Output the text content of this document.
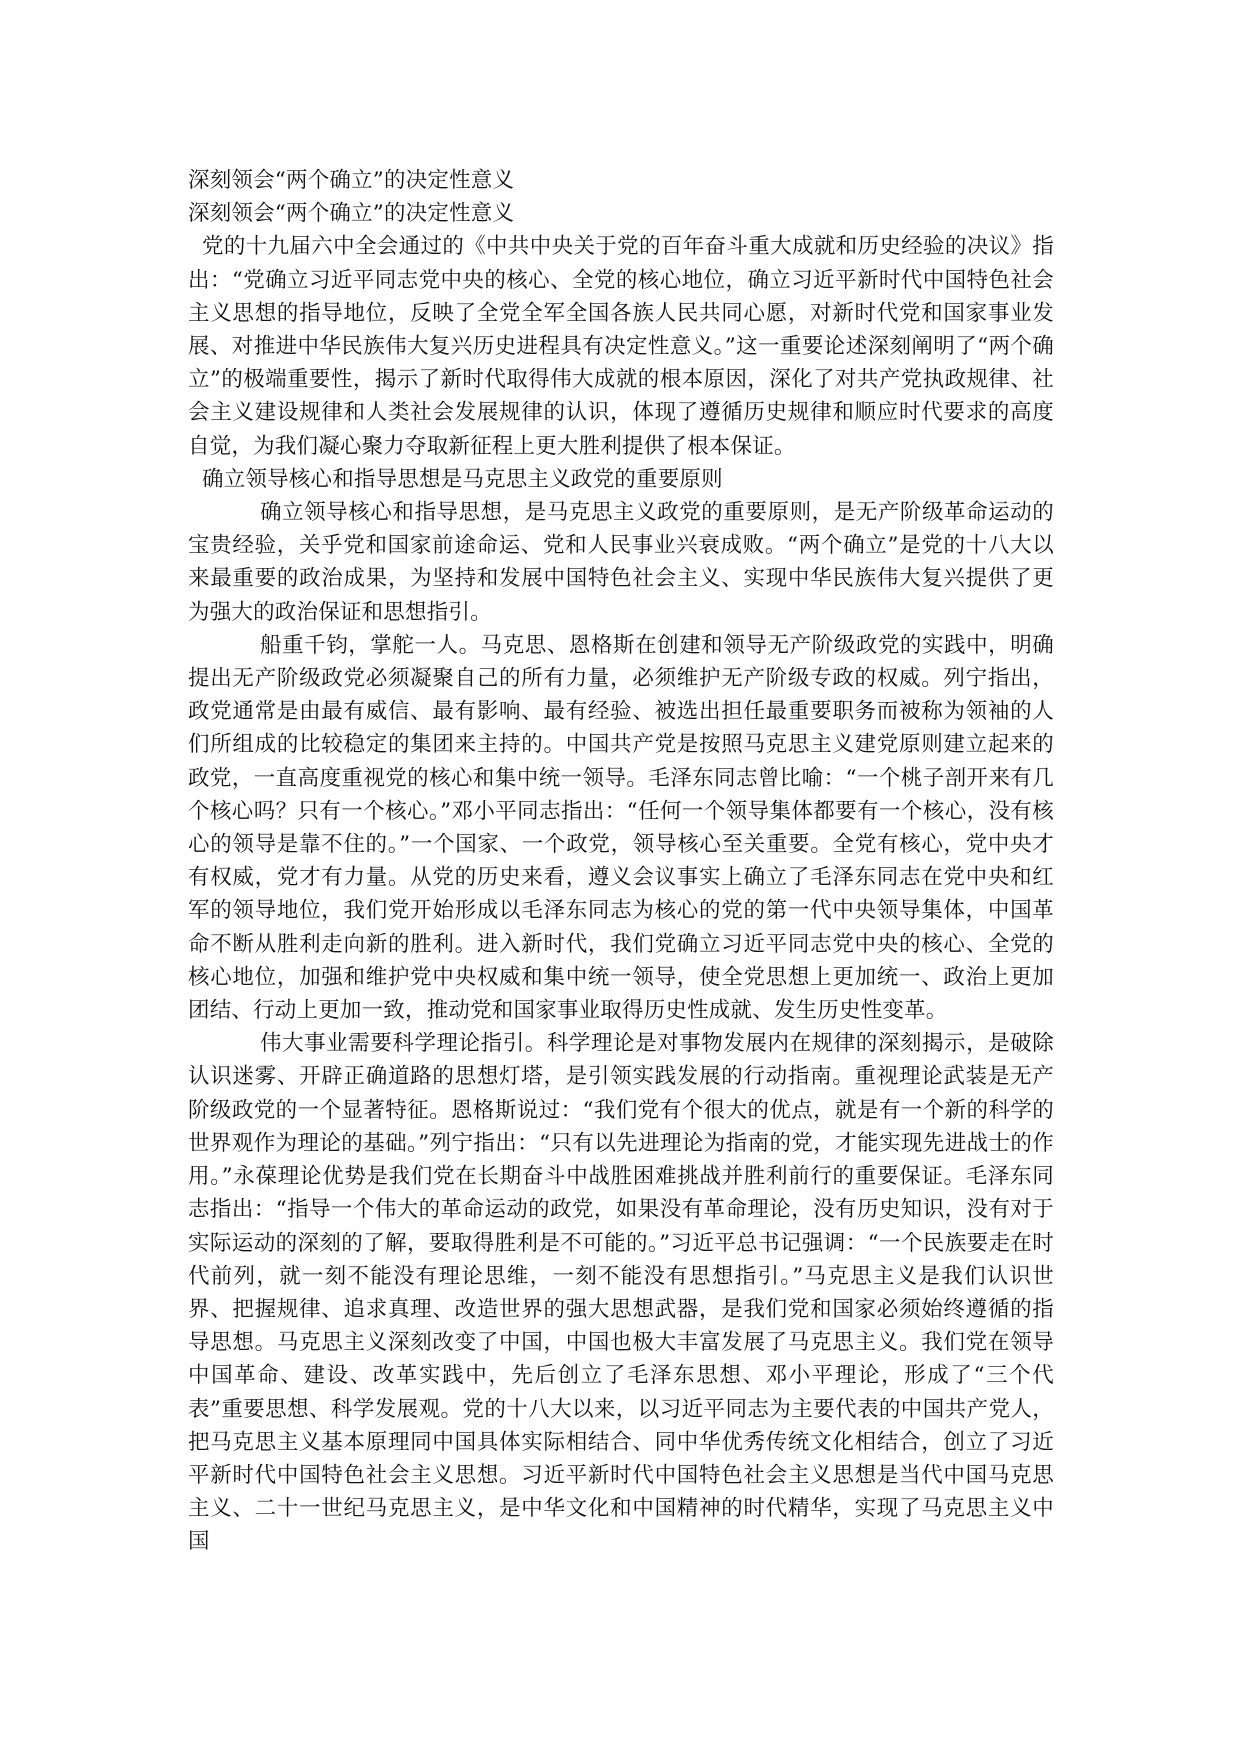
深刻领会“两个确立”的决定性意义

深刻领会“两个确立”的决定性意义

党的十九届六中全会通过的《中共中央关于党的百年奋斗重大成就和历史经验的决议》指出：“党确立习近平同志党中央的核心、全党的核心地位，确立习近平新时代中国特色社会主义思想的指导地位，反映了全党全军全国各族人民共同心愿，对新时代党和国家事业发展、对推进中华民族伟大复兴历史进程具有决定性意义。”这一重要论述深刻阐明了“两个确立”的极端重要性，揭示了新时代取得伟大成就的根本原因，深化了对共产党执政规律、社会主义建设规律和人类社会发展规律的认识，体现了遵循历史规律和顺应时代要求的高度自觉，为我们凝心聚力夺取新征程上更大胜利提供了根本保证。

确立领导核心和指导思想是马克思主义政党的重要原则

确立领导核心和指导思想，是马克思主义政党的重要原则，是无产阶级革命运动的宝贵经验，关乎党和国家前途命运、党和人民事业兴衰成败。“两个确立”是党的十八大以来最重要的政治成果，为坚持和发展中国特色社会主义、实现中华民族伟大复兴提供了更为强大的政治保证和思想指引。

船重千钧，掌舵一人。马克思、恩格斯在创建和领导无产阶级政党的实践中，明确提出无产阶级政党必须凝聚自己的所有力量，必须维护无产阶级专政的权威。列宁指出，政党通常是由最有威信、最有影响、最有经验、被选出担任最重要职务而被称为领袖的人们所组成的比较稳定的集团来主持的。中国共产党是按照马克思主义建党原则建立起来的政党，一直高度重视党的核心和集中统一领导。毛泽东同志曾比喻：“一个桃子剖开来有几个核心吗？只有一个核心。”邓小平同志指出：“任何一个领导集体都要有一个核心，没有核心的领导是靠不住的。”一个国家、一个政党，领导核心至关重要。全党有核心，党中央才有权威，党才有力量。从党的历史来看，遵义会议事实上确立了毛泽东同志在党中央和红军的领导地位，我们党开始形成以毛泽东同志为核心的党的第一代中央领导集体，中国革命不断从胜利走向新的胜利。进入新时代，我们党确立习近平同志党中央的核心、全党的核心地位，加强和维护党中央权威和集中统一领导，使全党思想上更加统一、政治上更加团结、行动上更加一致，推动党和国家事业取得历史性成就、发生历史性变革。

伟大事业需要科学理论指引。科学理论是对事物发展内在规律的深刻揭示，是破除认识迷雾、开辟正确道路的思想灯塔，是引领实践发展的行动指南。重视理论武装是无产阶级政党的一个显著特征。恩格斯说过：“我们党有个很大的优点，就是有一个新的科学的世界观作为理论的基础。”列宁指出：“只有以先进理论为指南的党，才能实现先进战士的作用。”永葆理论优势是我们党在长期奋斗中战胜困难挑战并胜利前行的重要保证。毛泽东同志指出：“指导一个伟大的革命运动的政党，如果没有革命理论，没有历史知识，没有对于实际运动的深刻的了解，要取得胜利是不可能的。”习近平总书记强调：“一个民族要走在时代前列，就一刻不能没有理论思维，一刻不能没有思想指引。”马克思主义是我们认识世界、把握规律、追求真理、改造世界的强大思想武器，是我们党和国家必须始终遵循的指导思想。马克思主义深刻改变了中国，中国也极大丰富发展了马克思主义。我们党在领导中国革命、建设、改革实践中，先后创立了毛泽东思想、邓小平理论，形成了“三个代表”重要思想、科学发展观。党的十八大以来，以习近平同志为主要代表的中国共产党人，把马克思主义基本原理同中国具体实际相结合、同中华优秀传统文化相结合，创立了习近平新时代中国特色社会主义思想。习近平新时代中国特色社会主义思想是当代中国马克思主义、二十一世纪马克思主义，是中华文化和中国精神的时代精华，实现了马克思主义中国
